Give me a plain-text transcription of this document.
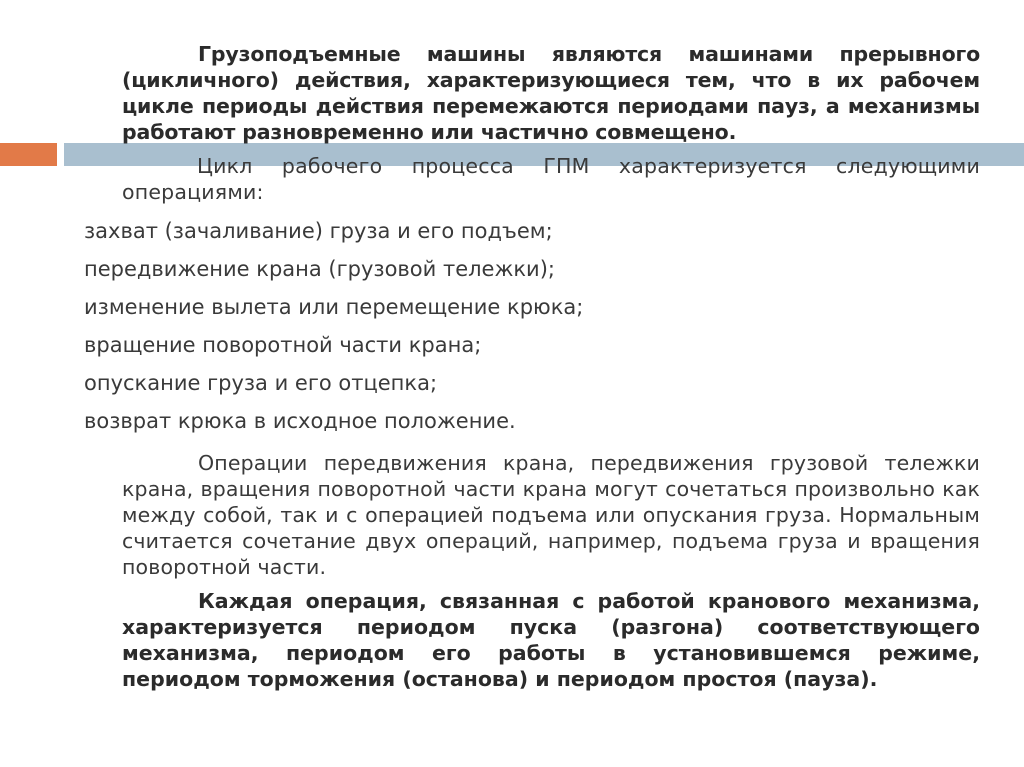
Грузоподъемные машины являются машинами прерывного (цикличного) действия, характеризующиеся тем, что в их рабочем цикле периоды действия перемежаются периодами пауз, а механизмы работают разновременно или частично совмещено.

Цикл рабочего процесса ГПМ характеризуется следующими операциями:

захват (зачаливание) груза и его подъем;
передвижение крана (грузовой тележки);
изменение вылета или перемещение крюка;
вращение поворотной части крана;
опускание груза и его отцепка;
возврат крюка в исходное положение.

Операции передвижения крана, передвижения грузовой тележки крана, вращения поворотной части крана могут сочетаться произвольно как между собой, так и с операцией подъема или опускания груза. Нормальным считается сочетание двух операций, например, подъема груза и вращения поворотной части.

Каждая операция, связанная с работой кранового механизма, характеризуется периодом пуска (разгона) соответствующего механизма, периодом его работы в установившемся режиме, периодом торможения (останова) и периодом простоя (пауза).
